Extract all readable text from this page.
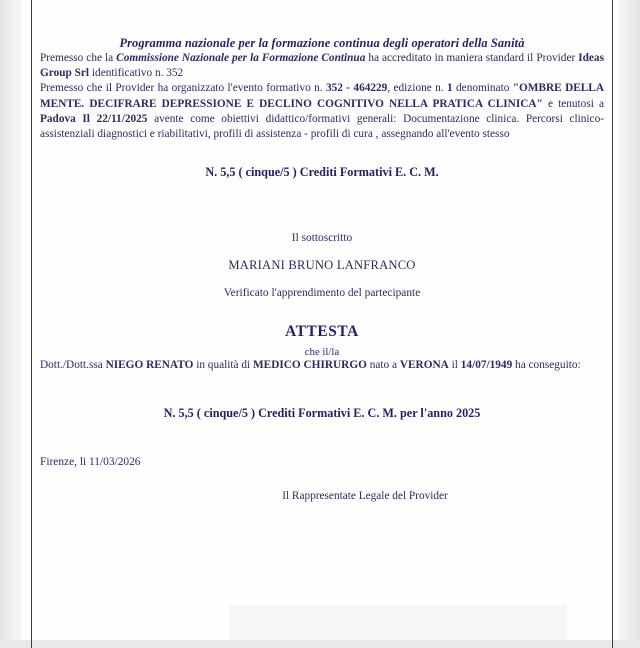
Programma nazionale per la formazione continua degli operatori della Sanità

Premesso che la Commissione Nazionale per la Formazione Continua ha accreditato in maniera standard il Provider Ideas Group Srl identificativo n. 352

Premesso che il Provider ha organizzato l'evento formativo n. 352 - 464229, edizione n. 1 denominato "OMBRE DELLA MENTE. DECIFRARE DEPRESSIONE E DECLINO COGNITIVO NELLA PRATICA CLINICA" e tenutosi a Padova Il 22/11/2025 avente come obiettivi didattico/formativi generali: Documentazione clinica. Percorsi clinico-assistenziali diagnostici e riabilitativi, profili di assistenza - profili di cura , assegnando all'evento stesso

N. 5,5 ( cinque/5 ) Crediti Formativi E. C. M.

Il sottoscritto

MARIANI BRUNO LANFRANCO

Verificato l'apprendimento del partecipante

ATTESTA

che il/la

Dott./Dott.ssa NIEGO RENATO in qualità di MEDICO CHIRURGO nato a VERONA il 14/07/1949 ha conseguito:

N. 5,5 ( cinque/5 ) Crediti Formativi E. C. M. per l'anno 2025

Firenze, li 11/03/2026

Il Rappresentate Legale del Provider
